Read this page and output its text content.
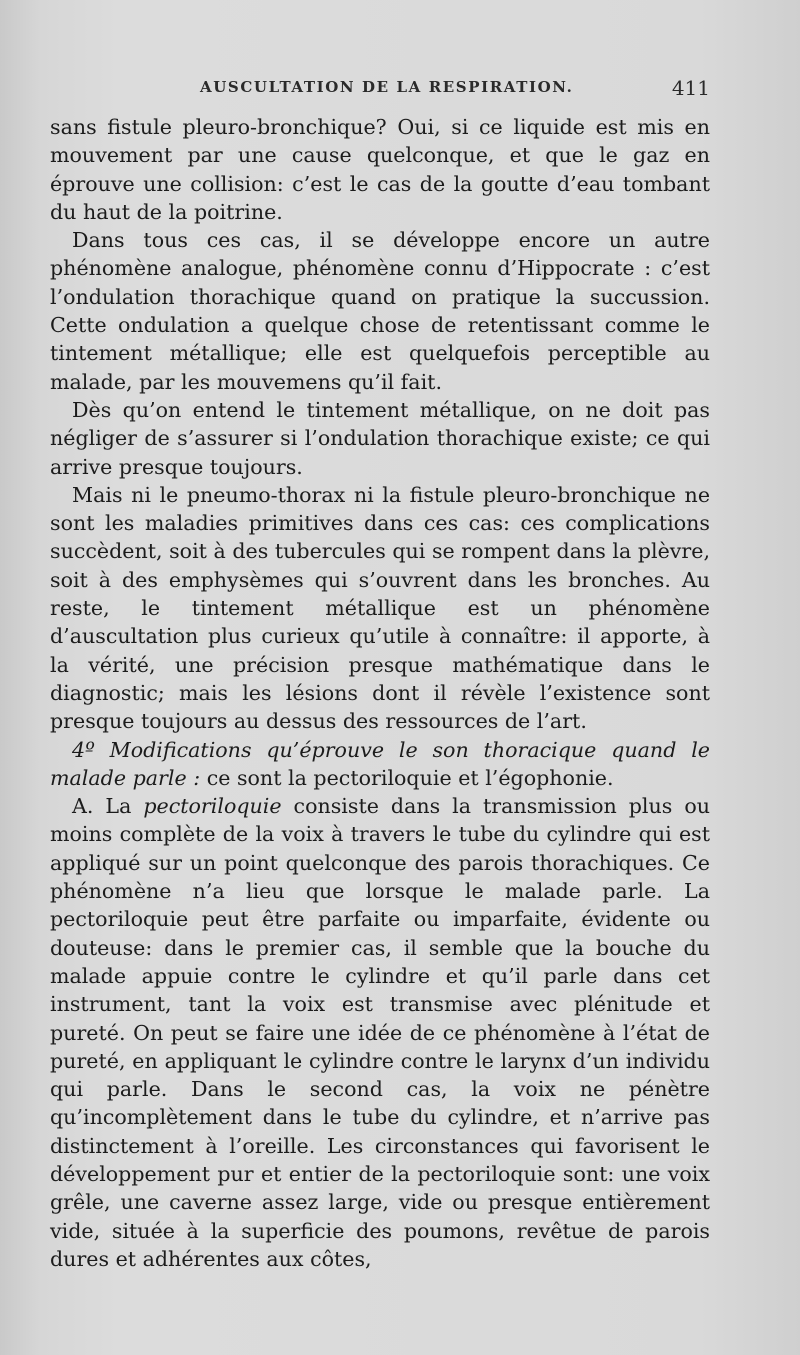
AUSCULTATION DE LA RESPIRATION.	411

sans fistule pleuro-bronchique? Oui, si ce liquide est mis en mouvement par une cause quelconque, et que le gaz en éprouve une collision: c’est le cas de la goutte d’eau tombant du haut de la poitrine.

Dans tous ces cas, il se développe encore un autre phénomène analogue, phénomène connu d’Hippocrate : c’est l’ondulation thorachique quand on pratique la succussion. Cette ondulation a quelque chose de retentissant comme le tintement métallique; elle est quelquefois perceptible au malade, par les mouvemens qu’il fait.

Dès qu’on entend le tintement métallique, on ne doit pas négliger de s’assurer si l’ondulation thorachique existe; ce qui arrive presque toujours.

Mais ni le pneumo-thorax ni la fistule pleuro-bronchique ne sont les maladies primitives dans ces cas: ces complications succèdent, soit à des tubercules qui se rompent dans la plèvre, soit à des emphysèmes qui s’ouvrent dans les bronches. Au reste, le tintement métallique est un phénomène d’auscultation plus curieux qu’utile à connaître: il apporte, à la vérité, une précision presque mathématique dans le diagnostic; mais les lésions dont il révèle l’existence sont presque toujours au dessus des ressources de l’art.

4º Modifications qu’éprouve le son thoracique quand le malade parle : ce sont la pectoriloquie et l’égophonie.

A. La pectoriloquie consiste dans la transmission plus ou moins complète de la voix à travers le tube du cylindre qui est appliqué sur un point quelconque des parois thorachiques. Ce phénomène n’a lieu que lorsque le malade parle. La pectoriloquie peut être parfaite ou imparfaite, évidente ou douteuse: dans le premier cas, il semble que la bouche du malade appuie contre le cylindre et qu’il parle dans cet instrument, tant la voix est transmise avec plénitude et pureté. On peut se faire une idée de ce phénomène à l’état de pureté, en appliquant le cylindre contre le larynx d’un individu qui parle. Dans le second cas, la voix ne pénètre qu’incomplètement dans le tube du cylindre, et n’arrive pas distinctement à l’oreille. Les circonstances qui favorisent le développement pur et entier de la pectoriloquie sont: une voix grêle, une caverne assez large, vide ou presque entièrement vide, située à la superficie des poumons, revêtue de parois dures et adhérentes aux côtes,
